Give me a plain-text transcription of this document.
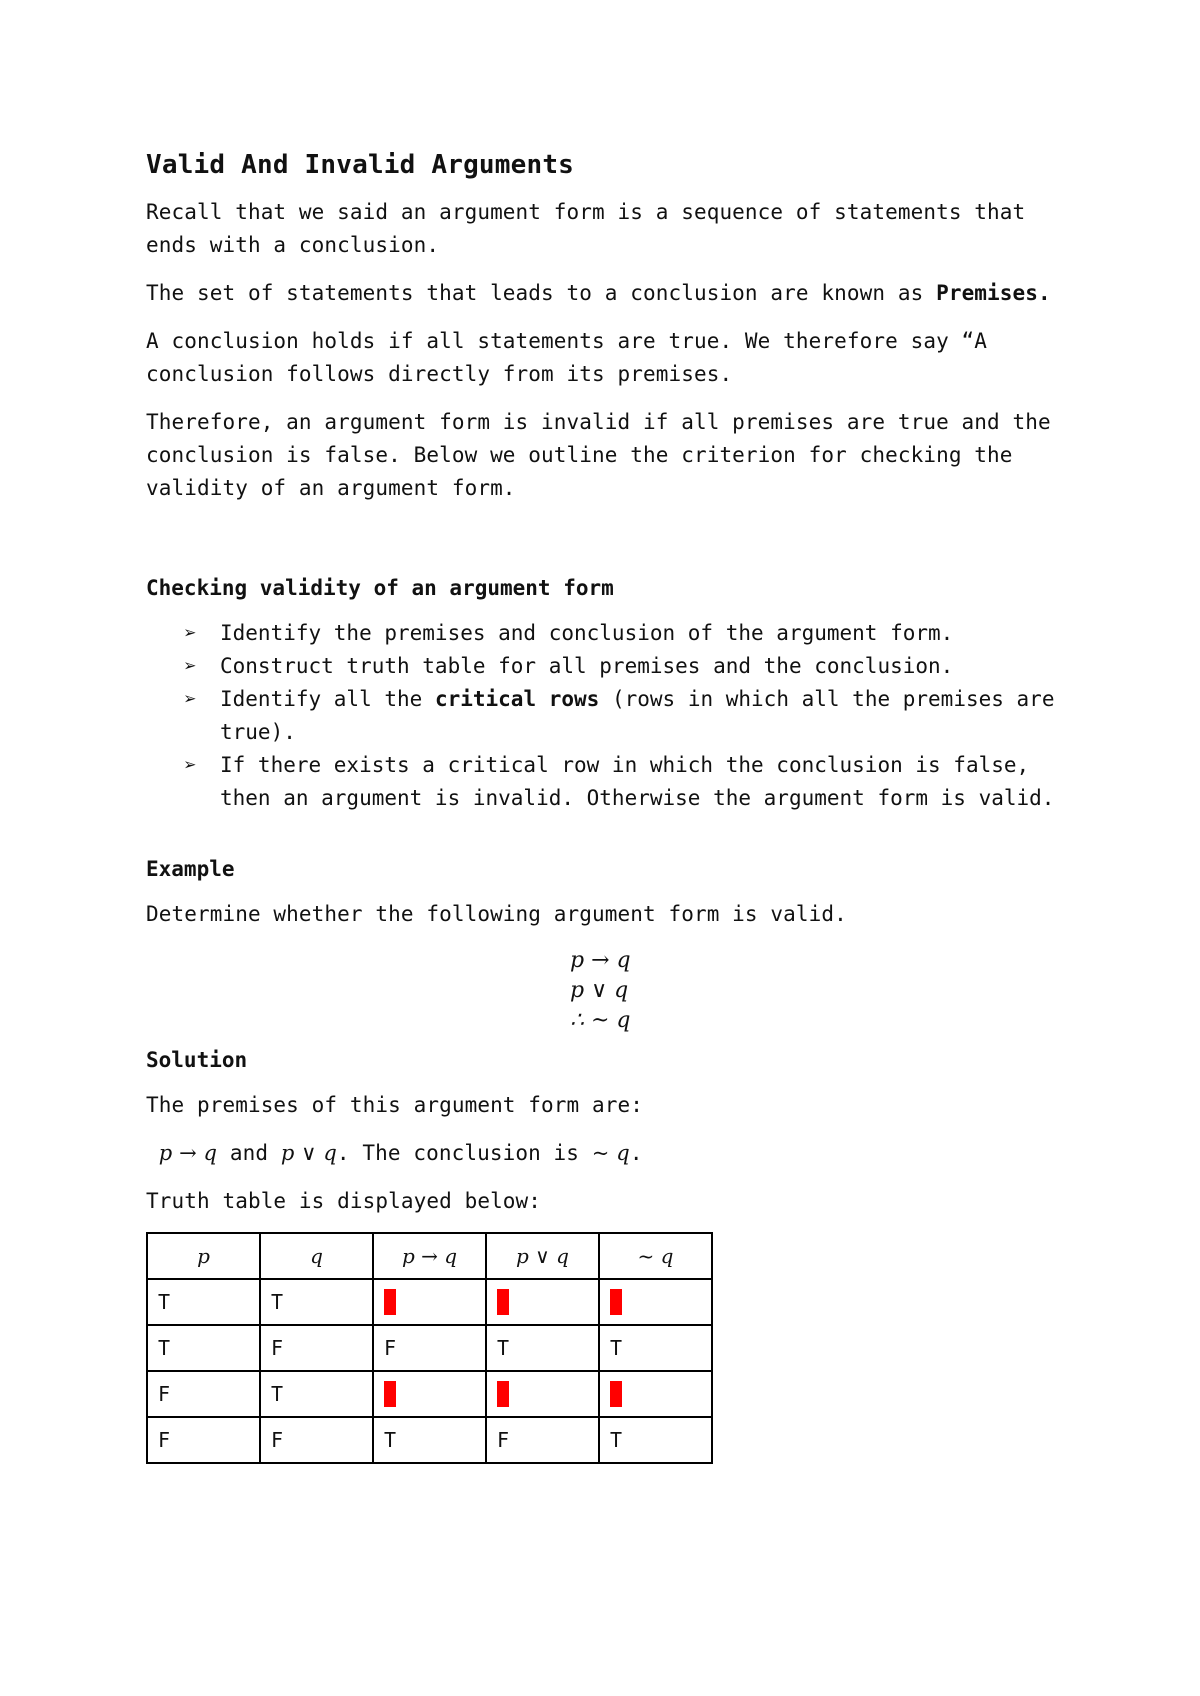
Valid And Invalid Arguments

Recall that we said an argument form is a sequence of statements that ends with a conclusion.

The set of statements that leads to a conclusion are known as Premises.

A conclusion holds if all statements are true. We therefore say “A conclusion follows directly from its premises.

Therefore, an argument form is invalid if all premises are true and the conclusion is false. Below we outline the criterion for checking the validity of an argument form.

Checking validity of an argument form
➢	Identify the premises and conclusion of the argument form.
➢	Construct truth table for all premises and the conclusion.
➢	Identify all the critical rows (rows in which all the premises are true).
➢	If there exists a critical row in which the conclusion is false, then an argument is invalid. Otherwise the argument form is valid.
Example

Determine whether the following argument form is valid.

p → q
p ∨ q
∴ ~ q
Solution

The premises of this argument form are:

p → q and p ∨ q. The conclusion is ~ q.

Truth table is displayed below:

p	q	p → q	p ∨ q	~ q
T	T	T	T	F
T	F	F	T	T
F	T	T	T	F
F	F	T	F	T
